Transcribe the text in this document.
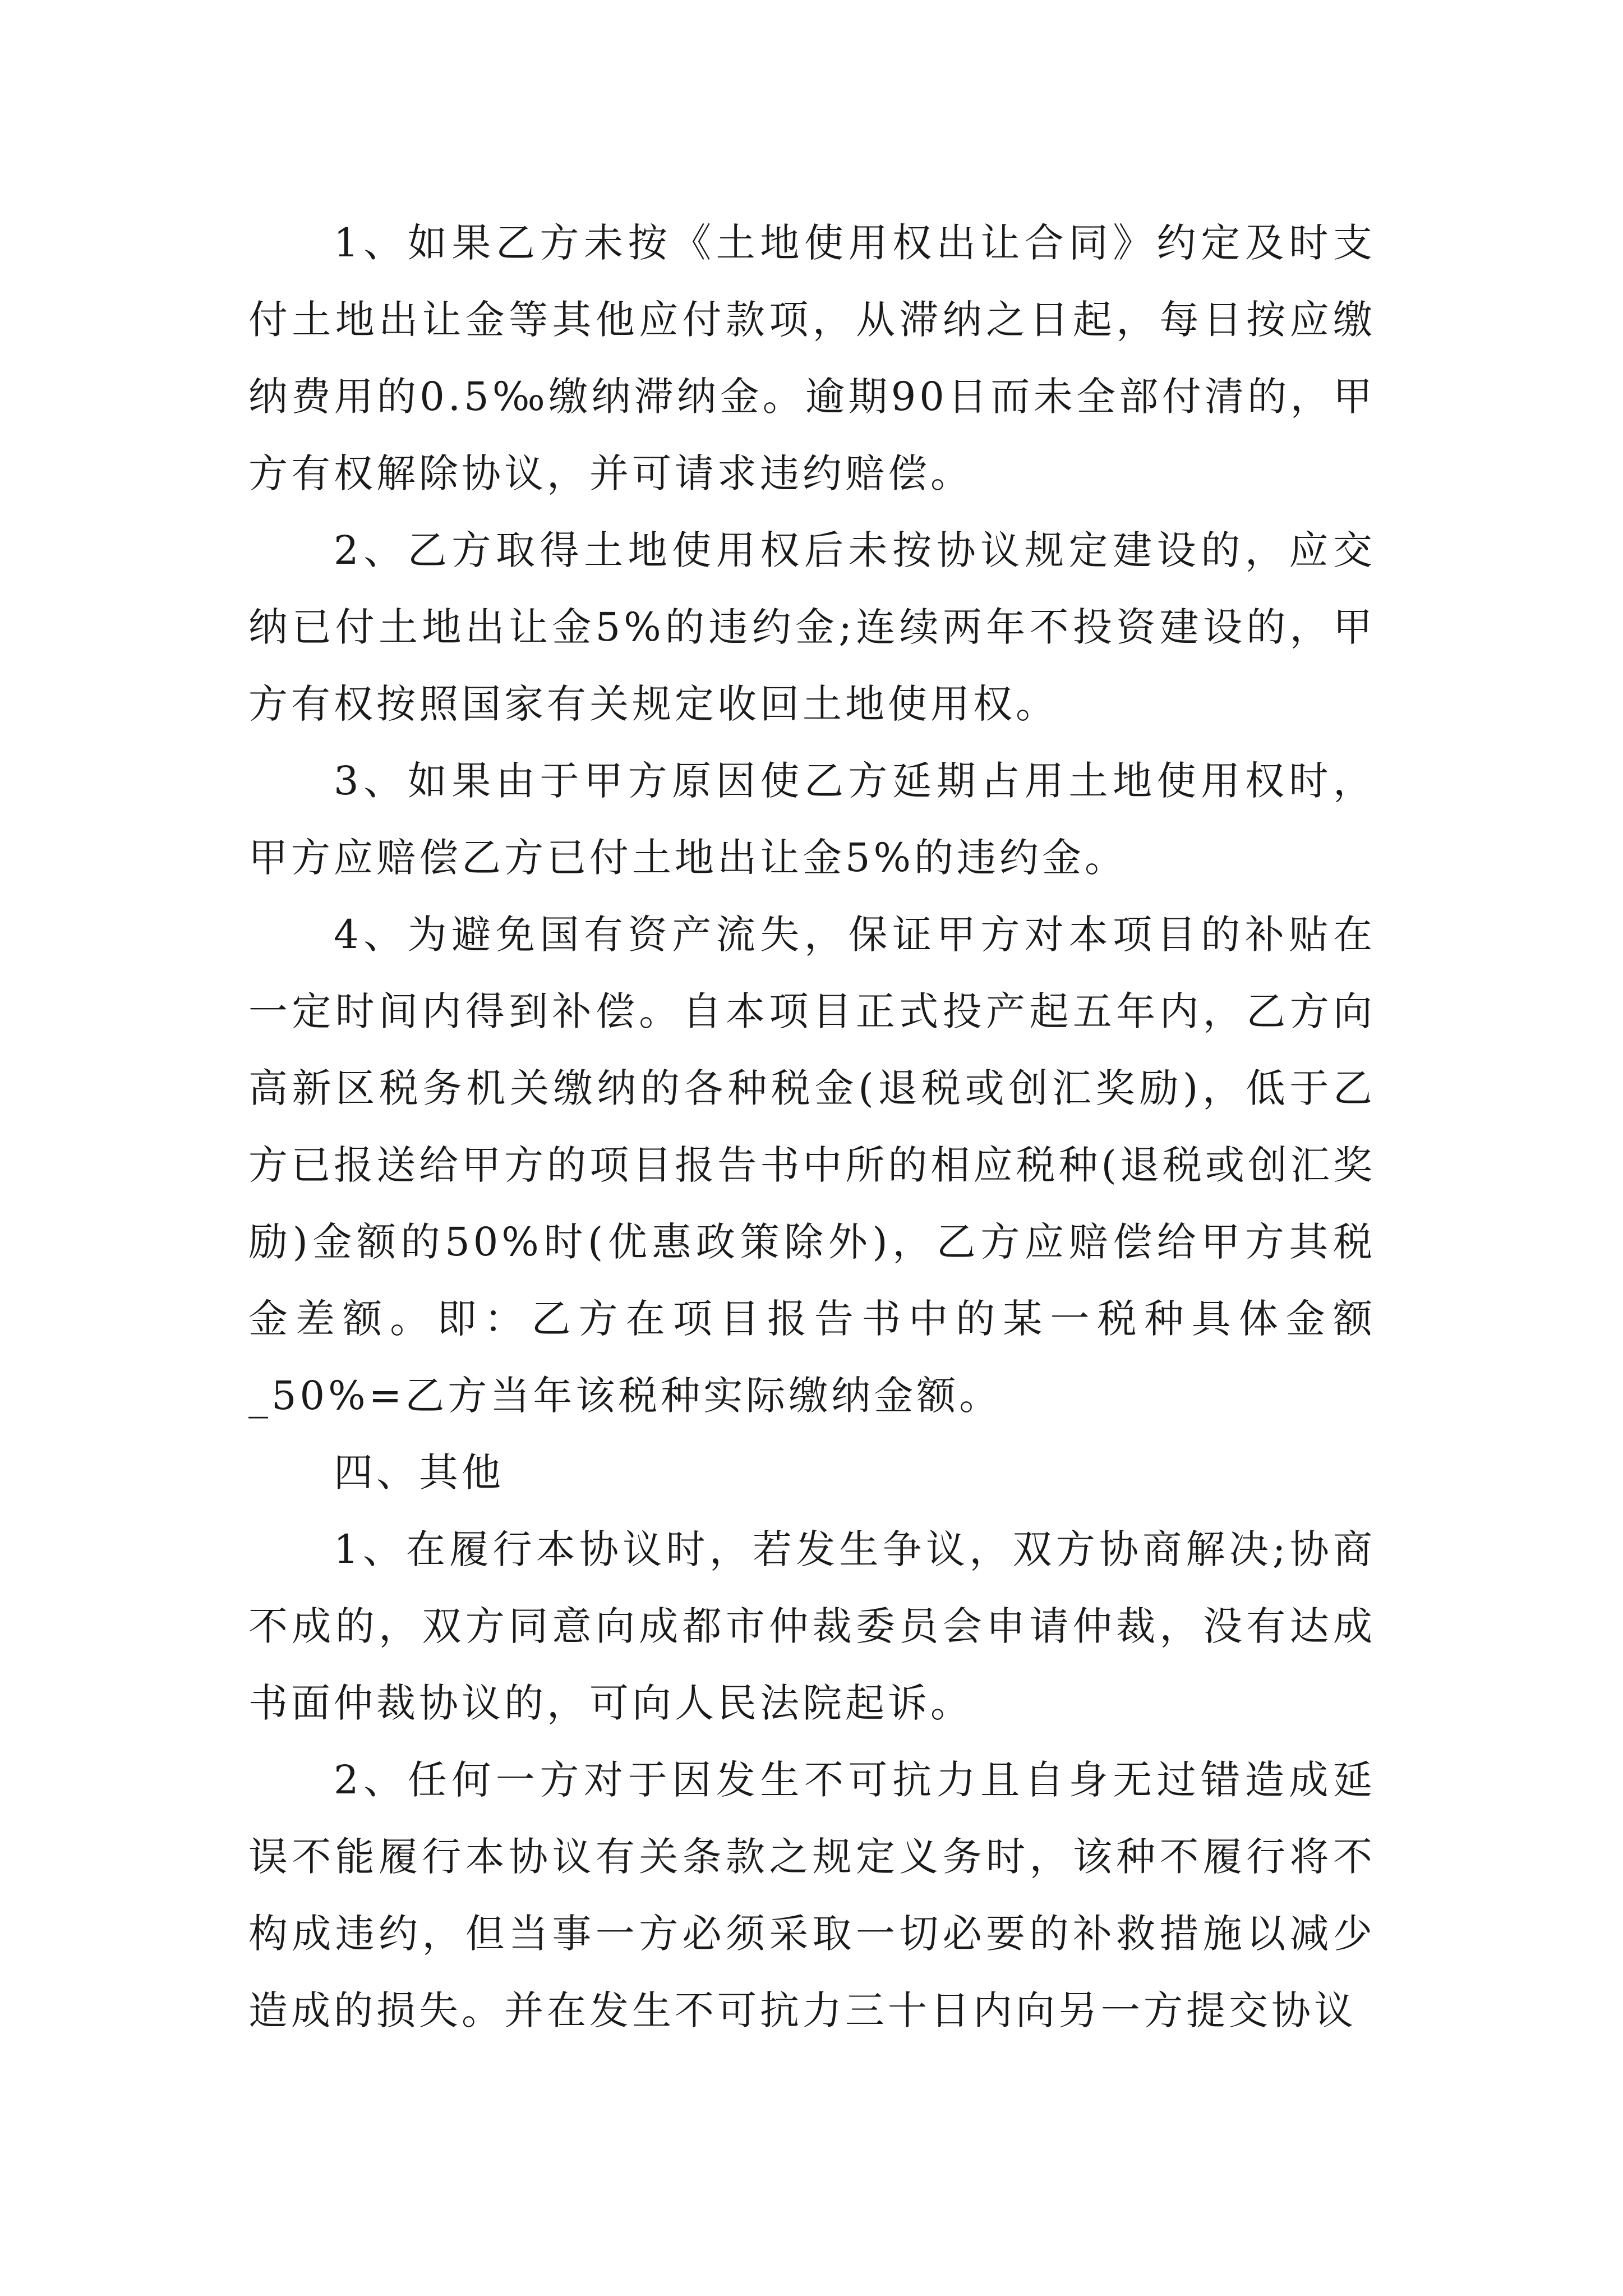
1、如果乙方未按《土地使用权出让合同》约定及时支付土地出让金等其他应付款项，从滞纳之日起，每日按应缴纳费用的0.5‰缴纳滞纳金。逾期90日而未全部付清的，甲方有权解除协议，并可请求违约赔偿。

2、乙方取得土地使用权后未按协议规定建设的，应交纳已付土地出让金5%的违约金;连续两年不投资建设的，甲方有权按照国家有关规定收回土地使用权。

3、如果由于甲方原因使乙方延期占用土地使用权时，甲方应赔偿乙方已付土地出让金5%的违约金。

4、为避免国有资产流失，保证甲方对本项目的补贴在一定时间内得到补偿。自本项目正式投产起五年内，乙方向高新区税务机关缴纳的各种税金(退税或创汇奖励)，低于乙方已报送给甲方的项目报告书中所的相应税种(退税或创汇奖励)金额的50%时(优惠政策除外)，乙方应赔偿给甲方其税金差额。即：乙方在项目报告书中的某一税种具体金额_50%=乙方当年该税种实际缴纳金额。

四、其他

1、在履行本协议时，若发生争议，双方协商解决;协商不成的，双方同意向成都市仲裁委员会申请仲裁，没有达成书面仲裁协议的，可向人民法院起诉。

2、任何一方对于因发生不可抗力且自身无过错造成延误不能履行本协议有关条款之规定义务时，该种不履行将不构成违约，但当事一方必须采取一切必要的补救措施以减少造成的损失。并在发生不可抗力三十日内向另一方提交协议
